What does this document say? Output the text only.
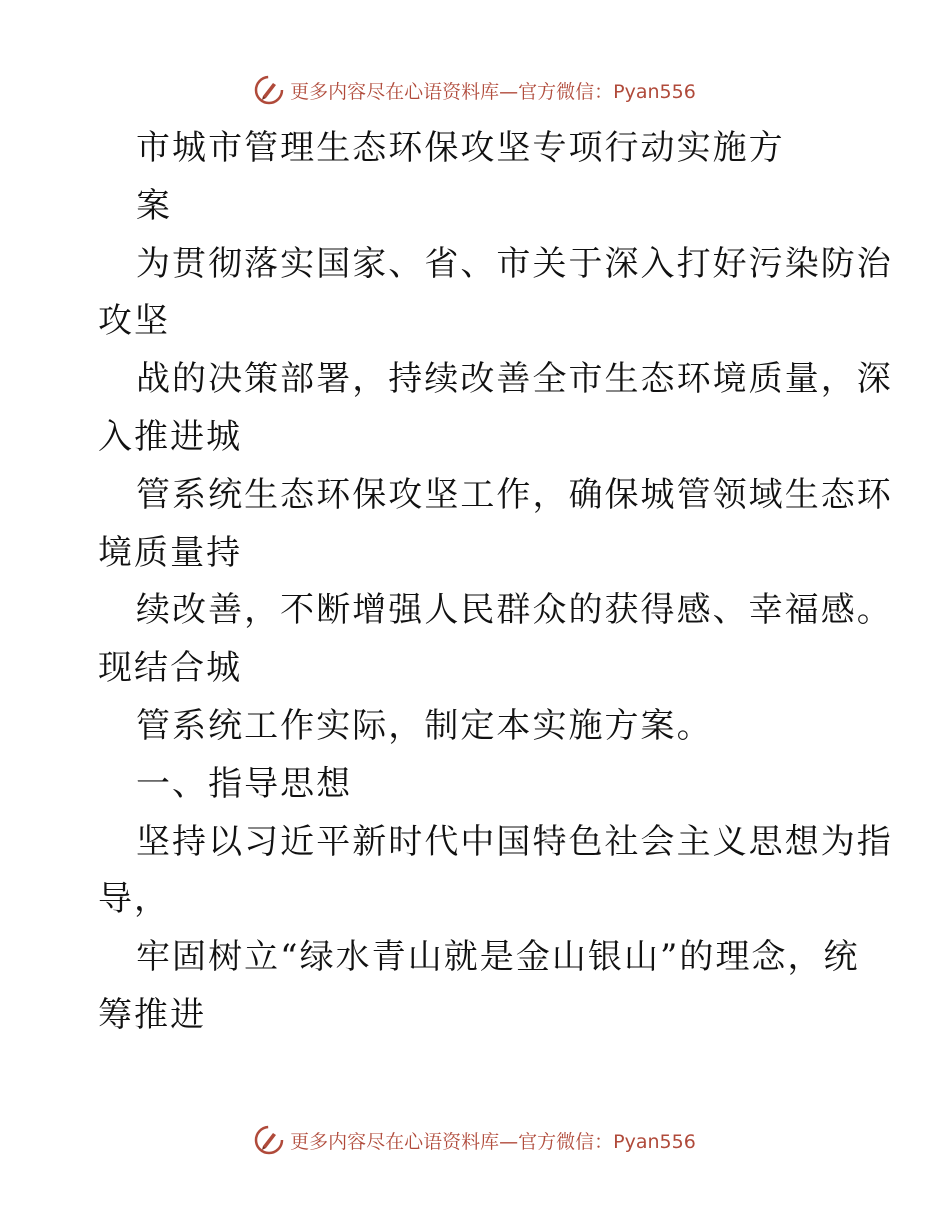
更多内容尽在心语资料库—官方微信：Pyan556
市城市管理生态环保攻坚专项行动实施方
案
为贯彻落实国家、省、市关于深入打好污染防治
攻坚
战的决策部署，持续改善全市生态环境质量，深
入推进城
管系统生态环保攻坚工作，确保城管领域生态环
境质量持
续改善，不断增强人民群众的获得感、幸福感。
现结合城
管系统工作实际，制定本实施方案。
一、指导思想
坚持以习近平新时代中国特色社会主义思想为指
导，
牢固树立“绿水青山就是金山银山”的理念，统
筹推进
更多内容尽在心语资料库—官方微信：Pyan556
